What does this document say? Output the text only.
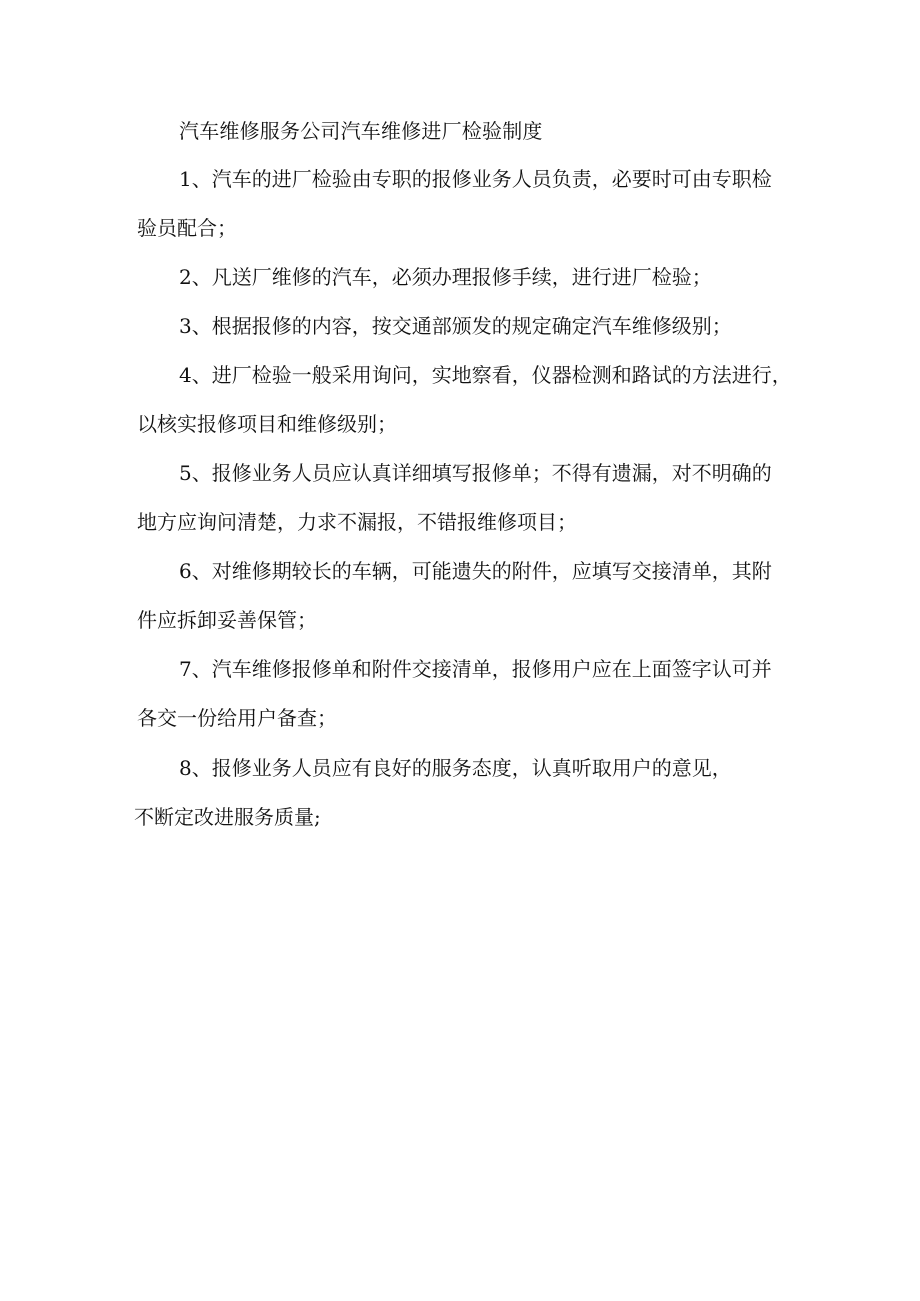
汽车维修服务公司汽车维修进厂检验制度
1、汽车的进厂检验由专职的报修业务人员负责，必要时可由专职检
验员配合；
2、凡送厂维修的汽车，必须办理报修手续，进行进厂检验；
3、根据报修的内容，按交通部颁发的规定确定汽车维修级别；
4、进厂检验一般采用询问，实地察看，仪器检测和路试的方法进行，
以核实报修项目和维修级别；
5、报修业务人员应认真详细填写报修单；不得有遗漏，对不明确的
地方应询问清楚，力求不漏报，不错报维修项目；
6、对维修期较长的车辆，可能遗失的附件，应填写交接清单，其附
件应拆卸妥善保管；
7、汽车维修报修单和附件交接清单，报修用户应在上面签字认可并
各交一份给用户备查；
8、报修业务人员应有良好的服务态度，认真听取用户的意见，
不断定改进服务质量;
